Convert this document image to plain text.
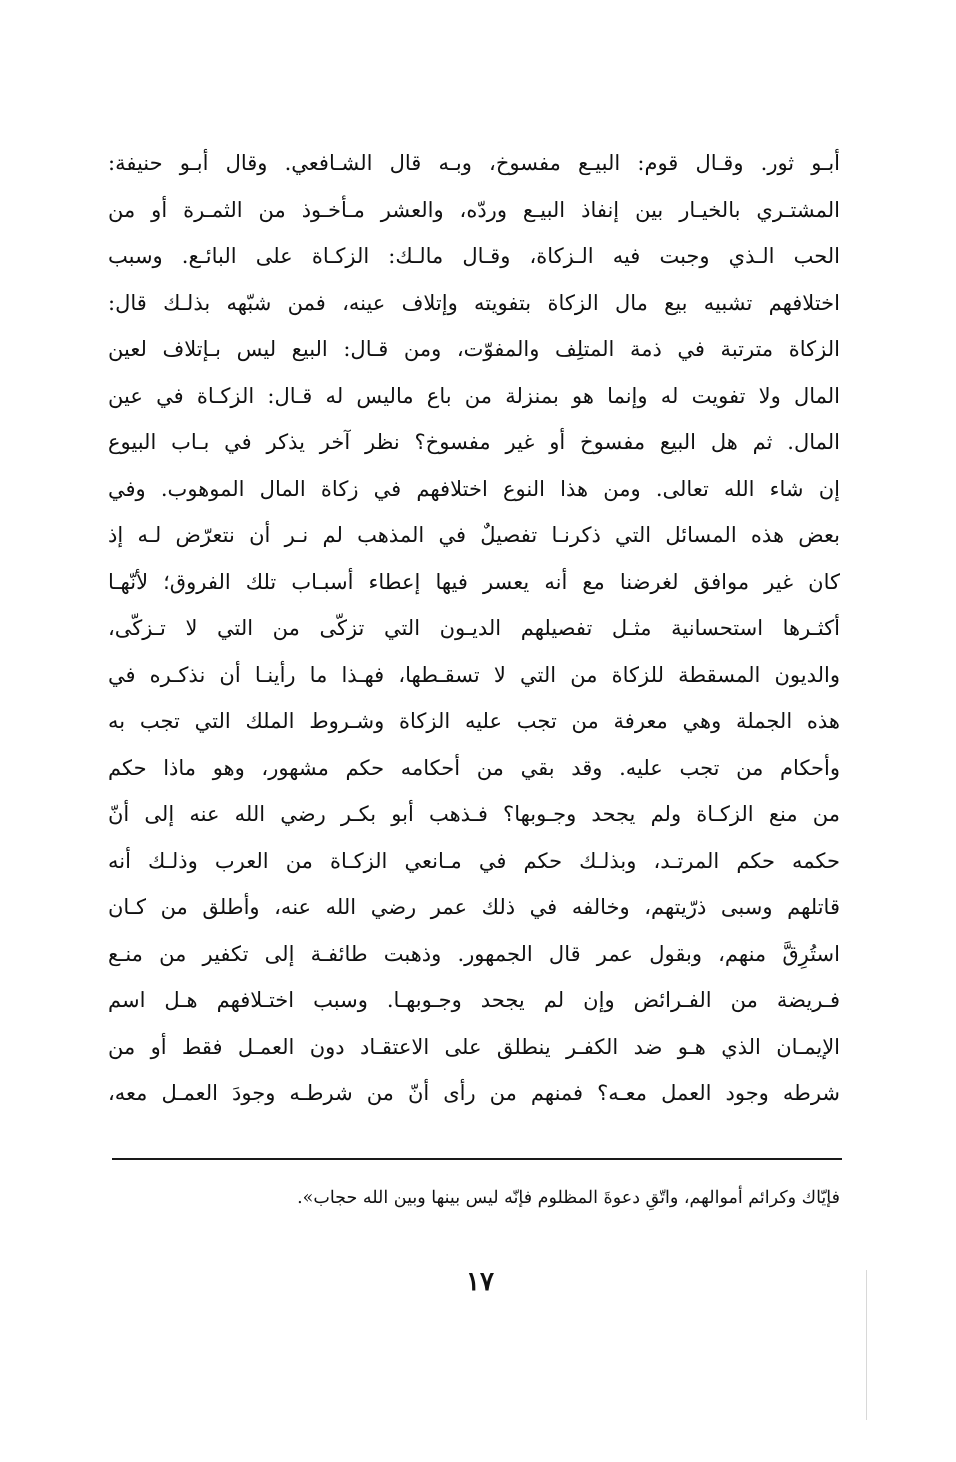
أبـو ثور. وقـال قوم: البيـع مفسوخ، وبـه قال الشـافعي. وقال أبـو حنيفة:
المشتـري بالخيـار بين إنفاذ البيـع وردّه، والعشر مـأخـوذ من الثمـرة أو من
الحب الـذي وجبت فيه الـزكاة، وقـال مالـك: الزكـاة على البائـع. وسبب
اختلافهم تشبيه بيع مال الزكاة بتفويته وإتلاف عينه، فمن شبّهه بذلـك قال:
الزكاة مترتبة في ذمة المتلِف والمفوّت، ومن قـال: البيع ليس بـإتلاف لعين
المال ولا تفويت له وإنما هو بمنزلة من باع ماليس له قـال: الزكـاة في عين
المال. ثم هل البيع مفسوخ أو غير مفسوخ؟ نظر آخر يذكر في بـاب البيوع
إن شاء الله تعالى. ومن هذا النوع اختلافهم في زكاة المال الموهوب. وفي
بعض هذه المسائل التي ذكرنـا تفصيلٌ في المذهب لم نـر أن نتعرّض لـه إذ
كان غير موافق لغرضنا مع أنه يعسر فيها إعطاء أسبـاب تلك الفروق؛ لأنّهـا
أكثـرها استحسانية مثـل تفصيلهم الديـون التي تزكّى من التي لا تـزكّى،
والديون المسقطة للزكاة من التي لا تسقـطها، فهـذا ما رأينـا أن نذكـره في
هذه الجملة وهي معرفة من تجب عليه الزكاة وشـروط الملك التي تجب به
وأحكام من تجب عليه. وقد بقي من أحكامه حكم مشهور، وهو ماذا حكم
من منع الزكـاة ولم يجحد وجـوبها؟ فـذهب أبو بكـر رضي الله عنه إلى أنّ
حكمه حكم المرتـد، وبذلـك حكم في مـانعي الزكـاة من العرب وذلـك أنه
قاتلهم وسبى ذرّيتهم، وخالفه في ذلك عمر رضي الله عنه، وأطلق من كـان
استُرِقَّ منهم، وبقول عمر قال الجمهور. وذهبت طائفـة إلى تكفير من منـع
فـريضة من الفـرائض وإن لم يجحد وجـوبهـا. وسبب اختـلافهم هـل اسم
الإيمـان الذي هـو ضد الكفـر ينطلق على الاعتقـاد دون العمـل فقط أو من
شرطه وجود العمل معـه؟ فمنهم من رأى أنّ من شرطـه وجودَ العمـل معه،
فإيّاك وكرائم أموالهم، واتّقِ دعوةَ المظلوم فإنّه ليس بينها وبين الله حجاب».
١٧
